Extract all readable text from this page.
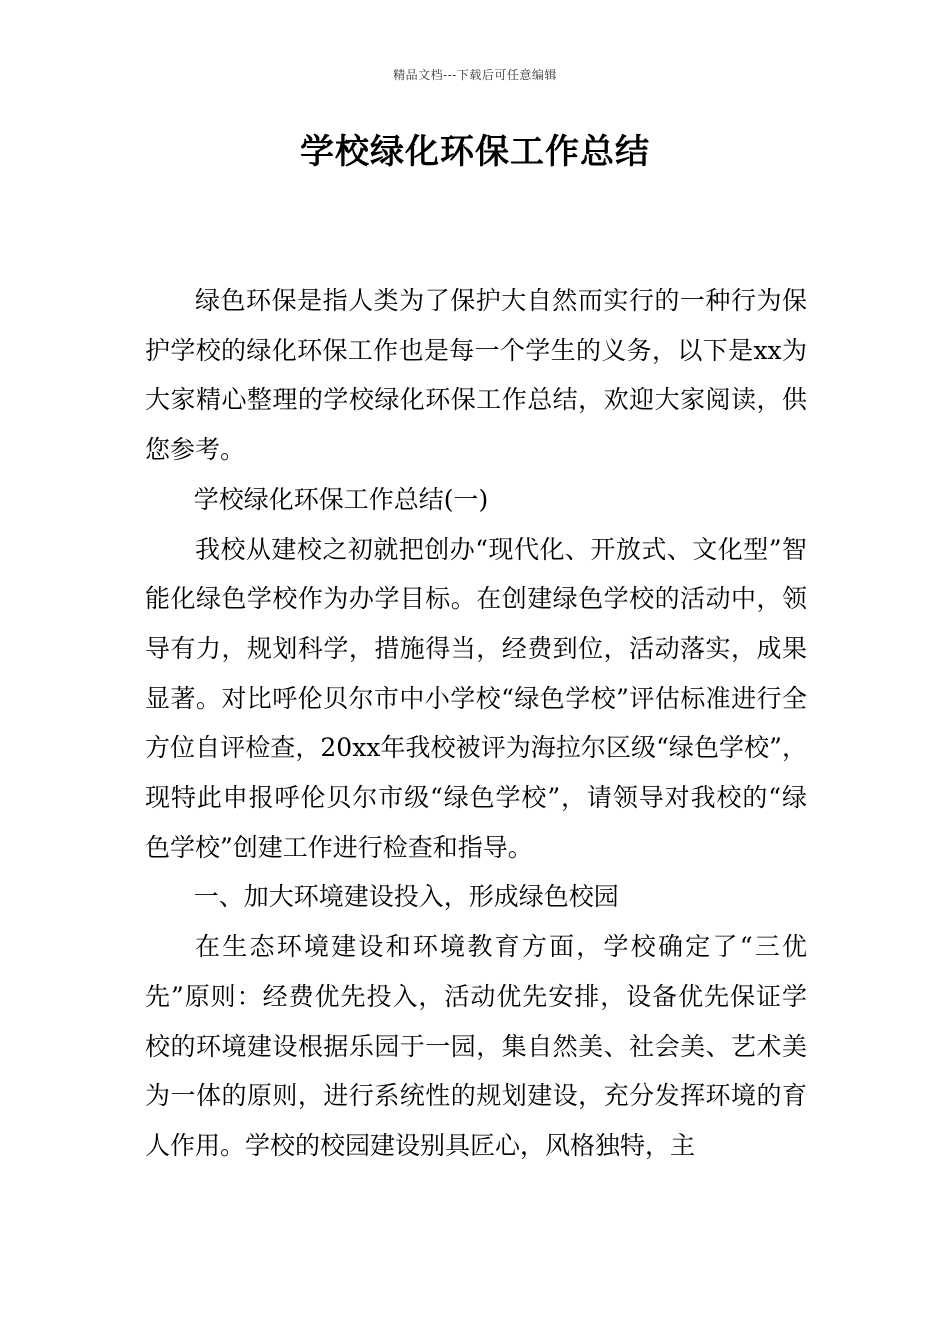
精品文档---下载后可任意编辑
学校绿化环保工作总结

绿色环保是指人类为了保护大自然而实行的一种行为保护学校的绿化环保工作也是每一个学生的义务，以下是xx为大家精心整理的学校绿化环保工作总结，欢迎大家阅读，供您参考。

学校绿化环保工作总结(一)

我校从建校之初就把创办“现代化、开放式、文化型”智能化绿色学校作为办学目标。在创建绿色学校的活动中，领导有力，规划科学，措施得当，经费到位，活动落实，成果显著。对比呼伦贝尔市中小学校“绿色学校”评估标准进行全方位自评检查，20xx年我校被评为海拉尔区级“绿色学校”，现特此申报呼伦贝尔市级“绿色学校”，请领导对我校的“绿色学校”创建工作进行检查和指导。

一、加大环境建设投入，形成绿色校园

在生态环境建设和环境教育方面，学校确定了“三优先”原则：经费优先投入，活动优先安排，设备优先保证学校的环境建设根据乐园于一园，集自然美、社会美、艺术美为一体的原则，进行系统性的规划建设，充分发挥环境的育人作用。学校的校园建设别具匠心，风格独特，主
